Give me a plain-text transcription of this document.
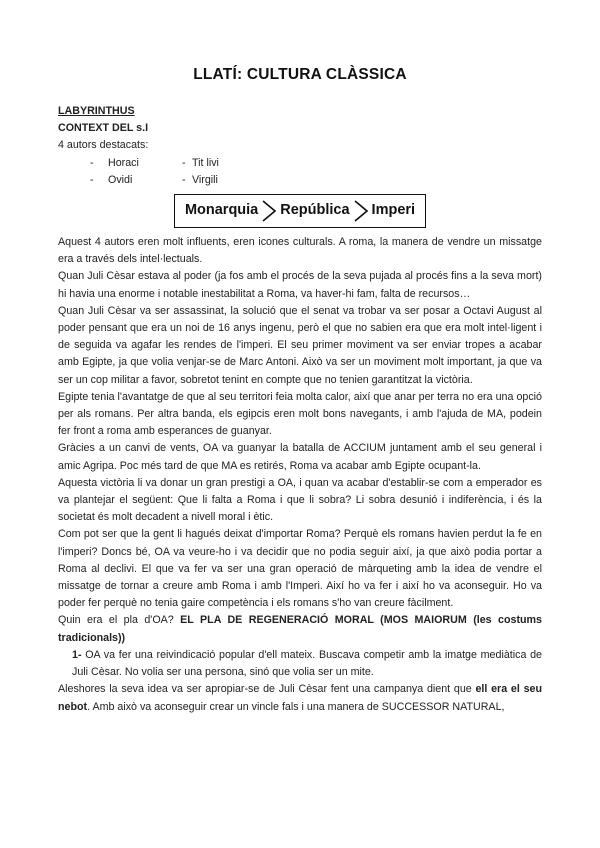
LLATÍ: CULTURA CLÀSSICA

LABYRINTHUS

CONTEXT DEL s.I

4 autors destacats:

- Horaci	- Tit livi
- Ovidi	- Virgili
Monarquia República Imperi

Aquest 4 autors eren molt influents, eren icones culturals. A roma, la manera de vendre un missatge era a través dels intel·lectuals.

Quan Juli Cèsar estava al poder (ja fos amb el procés de la seva pujada al procés fins a la seva mort) hi havia una enorme i notable inestabilitat a Roma, va haver-hi fam, falta de recursos…

Quan Juli Cèsar va ser assassinat, la solució que el senat va trobar va ser posar a Octavi August al poder pensant que era un noi de 16 anys ingenu, però el que no sabien era que era molt intel·ligent i de seguida va agafar les rendes de l'imperi. El seu primer moviment va ser enviar tropes a acabar amb Egipte, ja que volia venjar-se de Marc Antoni. Això va ser un moviment molt important, ja que va ser un cop militar a favor, sobretot tenint en compte que no tenien garantitzat la victòria.

Egipte tenia l'avantatge de que al seu territori feia molta calor, així que anar per terra no era una opció per als romans. Per altra banda, els egipcis eren molt bons navegants, i amb l'ajuda de MA, podein fer front a roma amb esperances de guanyar.

Gràcies a un canvi de vents, OA va guanyar la batalla de ACCIUM juntament amb el seu general i amic Agripa. Poc més tard de que MA es retirés, Roma va acabar amb Egipte ocupant-la.

Aquesta victòria li va donar un gran prestigi a OA, i quan va acabar d'establir-se com a emperador es va plantejar el següent: Que li falta a Roma i que li sobra? Li sobra desunió i indiferència, i és la societat és molt decadent a nivell moral i ètic.

Com pot ser que la gent li hagués deixat d'importar Roma? Perquè els romans havien perdut la fe en l'imperi? Doncs bé, OA va veure-ho i va decidir que no podia seguir així, ja que això podia portar a Roma al declivi. El que va fer va ser una gran operació de màrqueting amb la idea de vendre el missatge de tornar a creure amb Roma i amb l'Imperi. Així ho va fer i així ho va aconseguir. Ho va poder fer perquè no tenia gaire competència i els romans s'ho van creure fàcilment.

Quin era el pla d'OA? EL PLA DE REGENERACIÓ MORAL (MOS MAIORUM (les costums tradicionals))

1- OA va fer una reivindicació popular d'ell mateix. Buscava competir amb la imatge mediàtica de Juli Cèsar. No volia ser una persona, sinó que volia ser un mite.

Aleshores la seva idea va ser apropiar-se de Juli Cèsar fent una campanya dient que ell era el seu nebot. Amb això va aconseguir crear un vincle fals i una manera de SUCCESSOR NATURAL,
